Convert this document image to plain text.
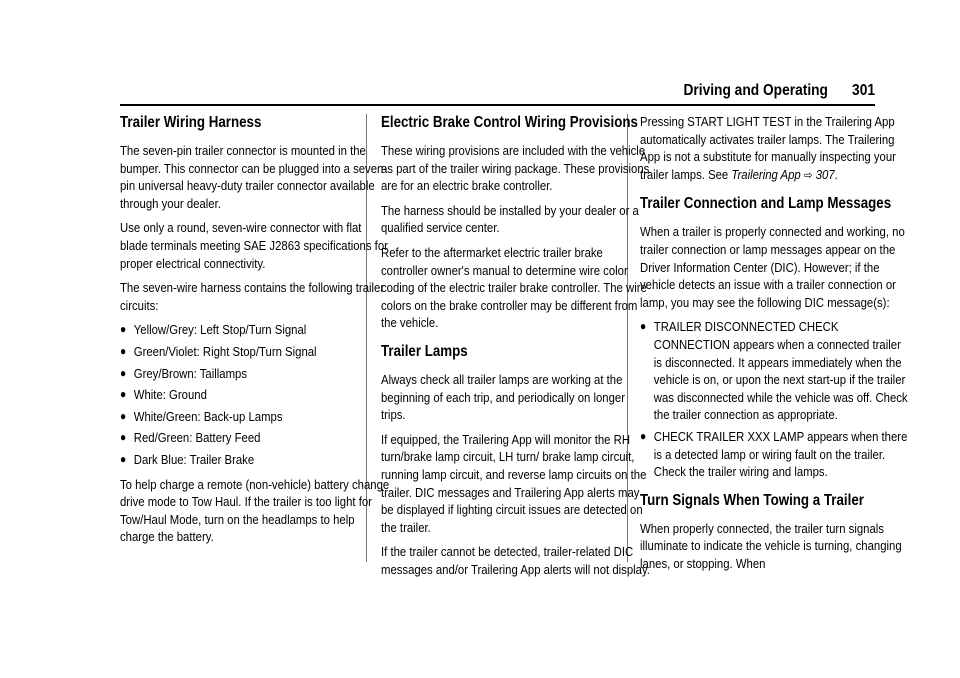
Driving and Operating 301
Trailer Wiring Harness

The seven-pin trailer connector is mounted in the bumper. This connector can be plugged into a seven-pin universal heavy-duty trailer connector available through your dealer.

Use only a round, seven-wire connector with flat blade terminals meeting SAE J2863 specifications for proper electrical connectivity.

The seven-wire harness contains the following trailer circuits:

● Yellow/Grey: Left Stop/Turn Signal
● Green/Violet: Right Stop/Turn Signal
● Grey/Brown: Taillamps
● White: Ground
● White/Green: Back-up Lamps
● Red/Green: Battery Feed
● Dark Blue: Trailer Brake

To help charge a remote (non-vehicle) battery change drive mode to Tow Haul. If the trailer is too light for Tow/Haul Mode, turn on the headlamps to help charge the battery.

Electric Brake Control Wiring Provisions

These wiring provisions are included with the vehicle as part of the trailer wiring package. These provisions are for an electric brake controller.

The harness should be installed by your dealer or a qualified service center.

Refer to the aftermarket electric trailer brake controller owner's manual to determine wire color coding of the electric trailer brake controller. The wire colors on the brake controller may be different from the vehicle.

Trailer Lamps

Always check all trailer lamps are working at the beginning of each trip, and periodically on longer trips.

If equipped, the Trailering App will monitor the RH turn/brake lamp circuit, LH turn/ brake lamp circuit, running lamp circuit, and reverse lamp circuits on the trailer. DIC messages and Trailering App alerts may be displayed if lighting circuit issues are detected on the trailer.

If the trailer cannot be detected, trailer-related DIC messages and/or Trailering App alerts will not display.

Pressing START LIGHT TEST in the Trailering App automatically activates trailer lamps. The Trailering App is not a substitute for manually inspecting your trailer lamps. See Trailering App ⇨ 307.

Trailer Connection and Lamp Messages

When a trailer is properly connected and working, no trailer connection or lamp messages appear on the Driver Information Center (DIC). However; if the vehicle detects an issue with a trailer connection or lamp, you may see the following DIC message(s):

● TRAILER DISCONNECTED CHECK CONNECTION appears when a connected trailer is disconnected. It appears immediately when the vehicle is on, or upon the next start-up if the trailer was disconnected while the vehicle was off. Check the trailer connection as appropriate.
● CHECK TRAILER XXX LAMP appears when there is a detected lamp or wiring fault on the trailer. Check the trailer wiring and lamps.
Turn Signals When Towing a Trailer

When properly connected, the trailer turn signals illuminate to indicate the vehicle is turning, changing lanes, or stopping. When
